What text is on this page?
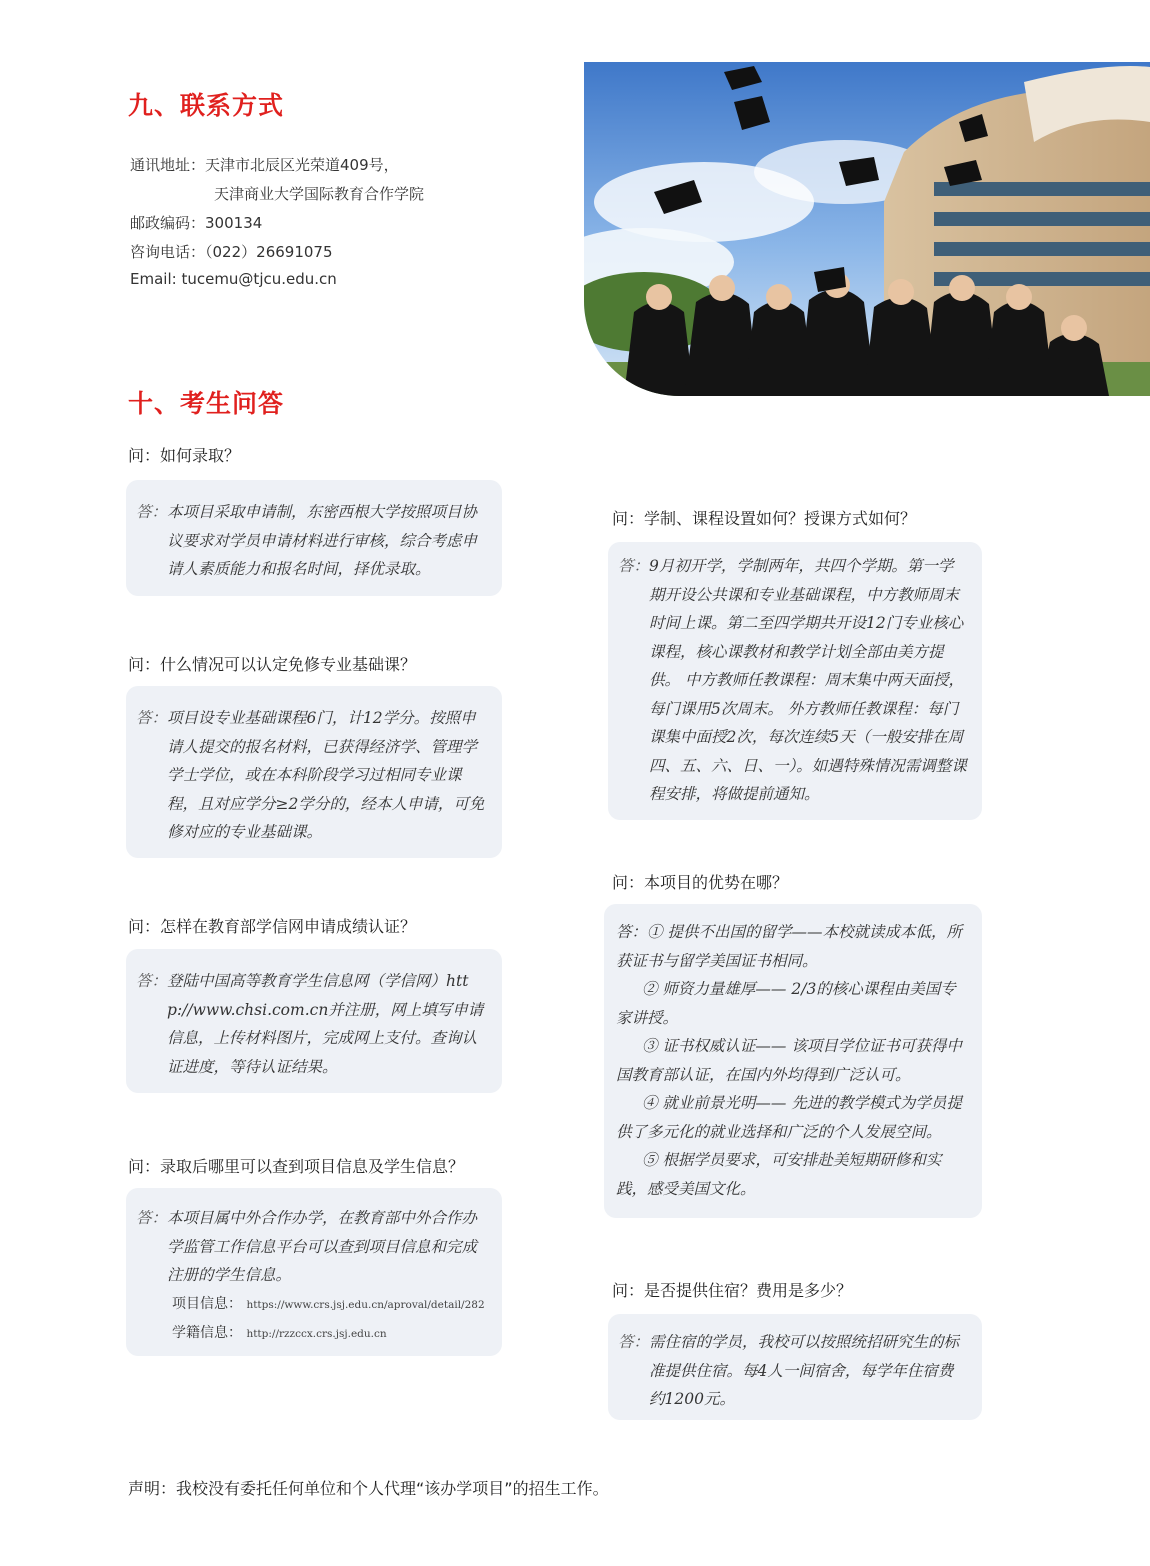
九、联系方式
通讯地址：天津市北辰区光荣道409号，
天津商业大学国际教育合作学院
邮政编码：300134
咨询电话：（022）26691075
Email: tucemu@tjcu.edu.cn
十、考生问答
问：如何录取？
答： 本项目采取申请制，东密西根大学按照项目协议要求对学员申请材料进行审核，综合考虑申请人素质能力和报名时间，择优录取。
问：什么情况可以认定免修专业基础课？
答： 项目设专业基础课程6门，计12学分。按照申请人提交的报名材料，已获得经济学、管理学学士学位，或在本科阶段学习过相同专业课程，且对应学分≥2学分的，经本人申请，可免修对应的专业基础课。
问：怎样在教育部学信网申请成绩认证？
答： 登陆中国高等教育学生信息网（学信网）http://www.chsi.com.cn并注册，网上填写申请信息，上传材料图片，完成网上支付。查询认证进度，等待认证结果。
问：录取后哪里可以查到项目信息及学生信息？
答： 本项目属中外合作办学，在教育部中外合作办学监管工作信息平台可以查到项目信息和完成注册的学生信息。
项目信息： https://www.crs.jsj.edu.cn/aproval/detail/282
学籍信息： http://rzzccx.crs.jsj.edu.cn
问：学制、课程设置如何？授课方式如何？
答： 9月初开学，学制两年，共四个学期。第一学期开设公共课和专业基础课程，中方教师周末时间上课。第二至四学期共开设12门专业核心课程，核心课教材和教学计划全部由美方提供。 中方教师任教课程：周末集中两天面授，每门课用5次周末。 外方教师任教课程：每门课集中面授2次，每次连续5天（一般安排在周四、五、六、日、一）。如遇特殊情况需调整课程安排，将做提前通知。
问：本项目的优势在哪？
答：① 提供不出国的留学——本校就读成本低，所获证书与留学美国证书相同。
② 师资力量雄厚—— 2/3的核心课程由美国专家讲授。
③ 证书权威认证—— 该项目学位证书可获得中国教育部认证，在国内外均得到广泛认可。
④ 就业前景光明—— 先进的教学模式为学员提供了多元化的就业选择和广泛的个人发展空间。
⑤ 根据学员要求，可安排赴美短期研修和实践，感受美国文化。
问：是否提供住宿？费用是多少？
答： 需住宿的学员，我校可以按照统招研究生的标准提供住宿。每4人一间宿舍，每学年住宿费约1200元。
声明：我校没有委托任何单位和个人代理“该办学项目”的招生工作。
